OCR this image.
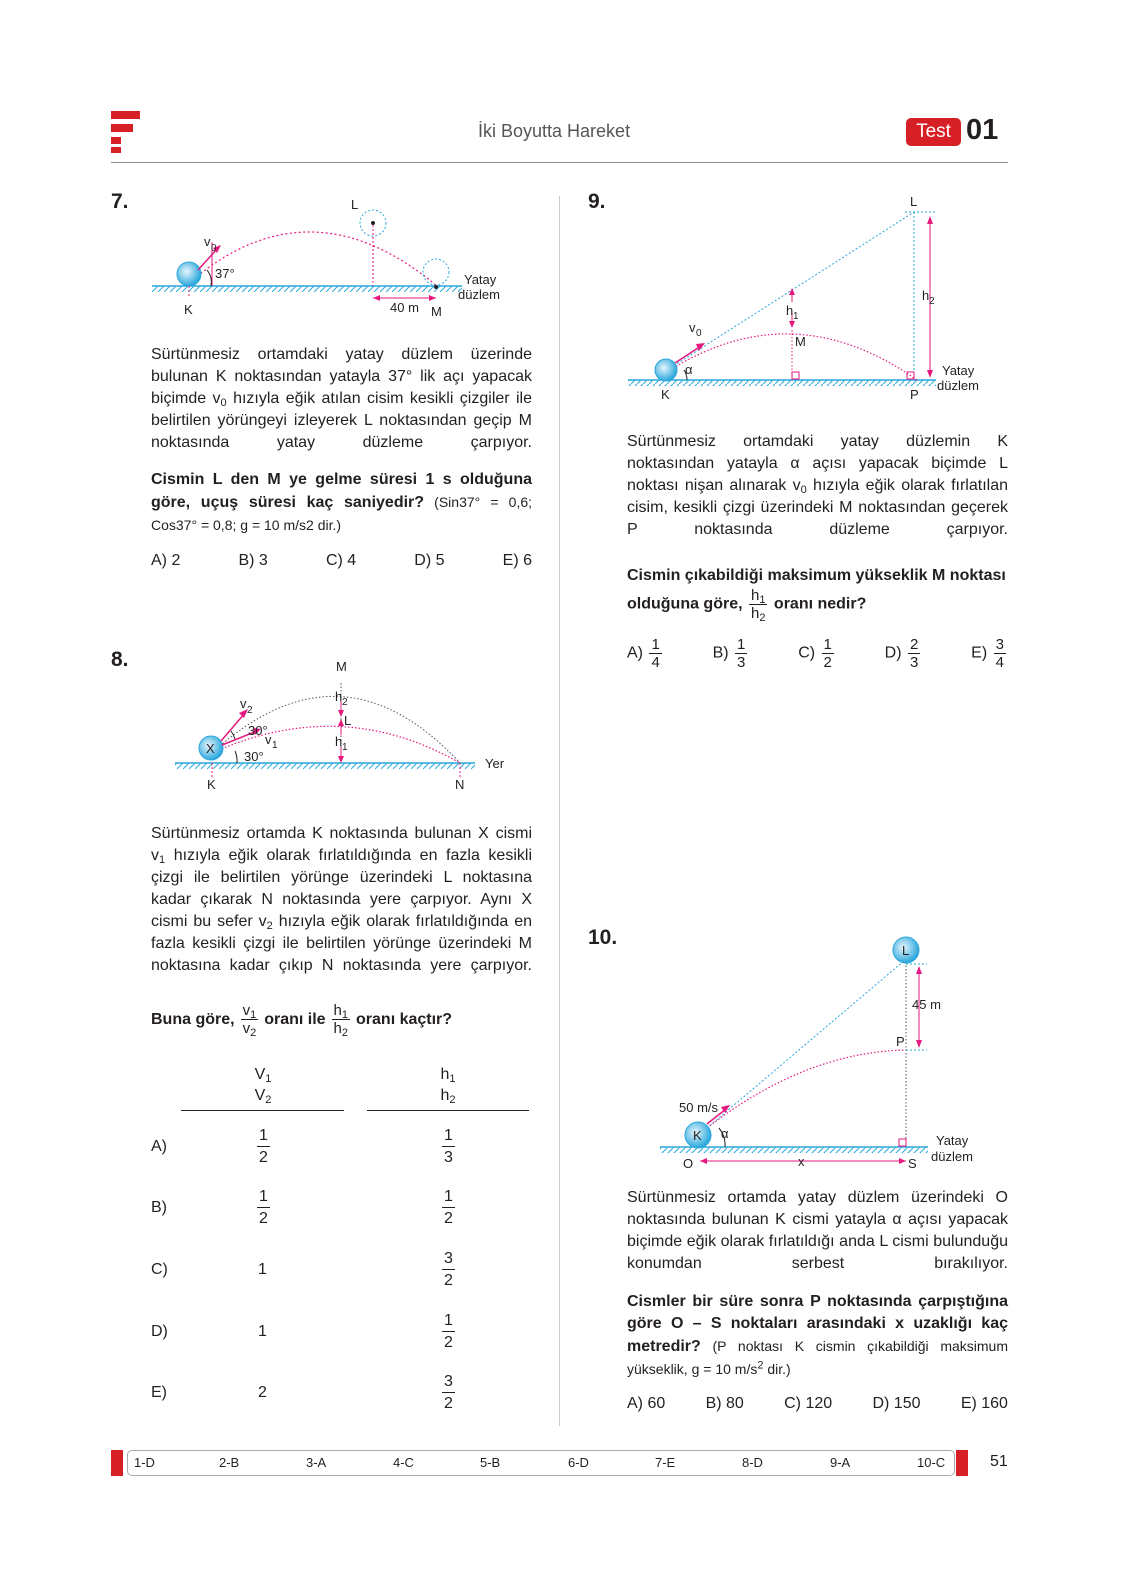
İki Boyutta Hareket	Test 01
7.
v 0
37°
L
K	M
40 m
Yatay
düzlem
Sürtünmesiz ortamdaki yatay düzlem üzerinde bulunan K noktasından yatayla 37° lik açı yapacak biçimde $v_0$ hızıyla eğik atılan cisim kesikli çizgiler ile belirtilen yörüngeyi izleyerek L noktasından geçip M noktasında yatay düzleme çarpıyor.
Cismin L den M ye gelme süresi 1 s olduğuna göre, uçuş süresi kaç saniyedir? (Sin37° = 0,6; Cos37° = 0,8; g = 10 m/s2 dir.)
A) 2	B) 3	C) 4	D) 5	E) 6
8.	M
L
X
K	N
Yer
v 2
v 1
30°
30°
h 2
h 1
Sürtünmesiz ortamda K noktasında bulunan X cismi $v_1$ hızıyla eğik olarak fırlatıldığında en fazla kesikli çizgi ile belirtilen yörünge üzerindeki L noktasına kadar çıkarak N noktasında yere çarpıyor. Aynı X cismi bu sefer $v_2$ hızıyla eğik olarak fırlatıldığında en fazla kesikli çizgi ile belirtilen yörünge üzerindeki M noktasına kadar çıkıp N noktasında yere çarpıyor.
Buna göre, $\frac{v_1}{v_2}$ oranı ile $\frac{h_1}{h_2}$ oranı kaçtır?
$V_1$
$V_2$
$h_1$
$h_2$
A)	$\frac{1}{2}$	$\frac{1}{3}$
B)	$\frac{1}{2}$	$\frac{1}{2}$
C)	1	$\frac{3}{2}$
D)	1	$\frac{1}{2}$
E)	2	$\frac{3}{2}$
9.	L
M
K	P
v 0
α
h 1
h 2
Yatay
düzlem
Sürtünmesiz ortamdaki yatay düzlemin K noktasından yatayla α açısı yapacak biçimde L noktası nişan alınarak $v_0$ hızıyla eğik olarak fırlatılan cisim, kesikli çizgi üzerindeki M noktasından geçerek P noktasında düzleme çarpıyor.
Cismin çıkabildiği maksimum yükseklik M noktası olduğuna göre, $\frac{h_1}{h_2}$ oranı nedir?
$A) \frac{1}{4}$	$B) \frac{1}{3}$	$C) \frac{1}{2}$	$D) \frac{2}{3}$	$E) \frac{3}{4}$
10.
L
P
K
O	S
x
45 m
50 m/s
α	Yatay
düzlem
Sürtünmesiz ortamda yatay düzlem üzerindeki O noktasında bulunan K cismi yatayla α açısı yapacak biçimde eğik olarak fırlatıldığı anda L cismi bulunduğu konumdan serbest bırakılıyor.
Cismler bir süre sonra P noktasında çarpıştığına göre O – S noktaları arasındaki x uzaklığı kaç metredir? (P noktası K cismin çıkabildiği maksimum yükseklik, g = 10 $m/s^2$ dir.)
A) 60	B) 80	C) 120	D) 150	E) 160
1-D	2-B	3-A	4-C	5-B	6-D	7-E	8-D	9-A	10-C	51
